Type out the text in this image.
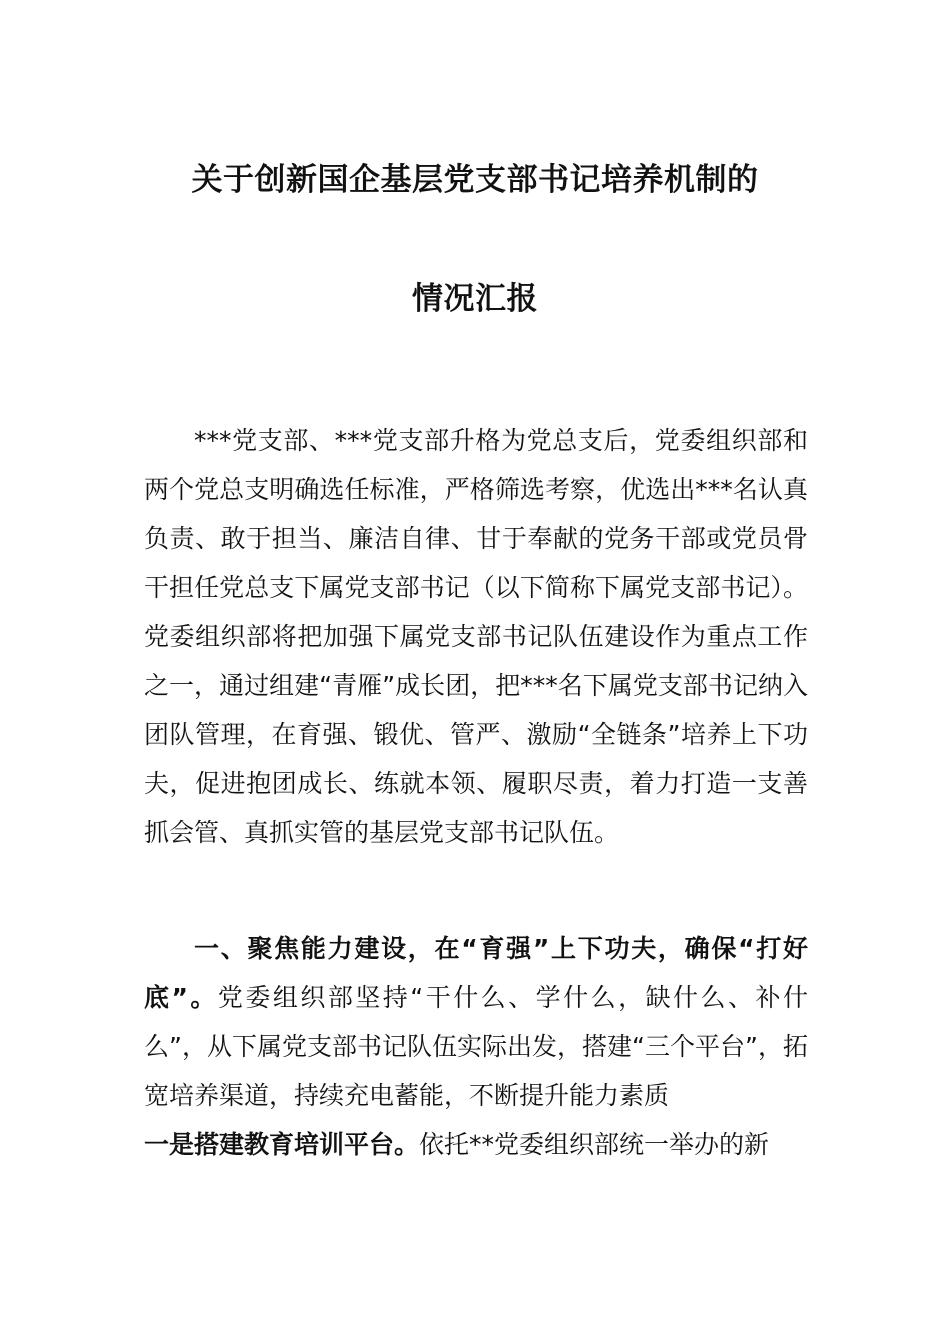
关于创新国企基层党支部书记培养机制的
情况汇报

***党支部、***党支部升格为党总支后，党委组织部和两个党总支明确选任标准，严格筛选考察，优选出***名认真负责、敢于担当、廉洁自律、甘于奉献的党务干部或党员骨干担任党总支下属党支部书记（以下简称下属党支部书记）。党委组织部将把加强下属党支部书记队伍建设作为重点工作之一，通过组建“青雁”成长团，把***名下属党支部书记纳入团队管理，在育强、锻优、管严、激励“全链条”培养上下功夫，促进抱团成长、练就本领、履职尽责，着力打造一支善抓会管、真抓实管的基层党支部书记队伍。

一、聚焦能力建设，在“育强”上下功夫，确保“打好底”。党委组织部坚持“干什么、学什么，缺什么、补什么”，从下属党支部书记队伍实际出发，搭建“三个平台”，拓宽培养渠道，持续充电蓄能，不断提升能力素质

一是搭建教育培训平台。依托**党委组织部统一举办的新
